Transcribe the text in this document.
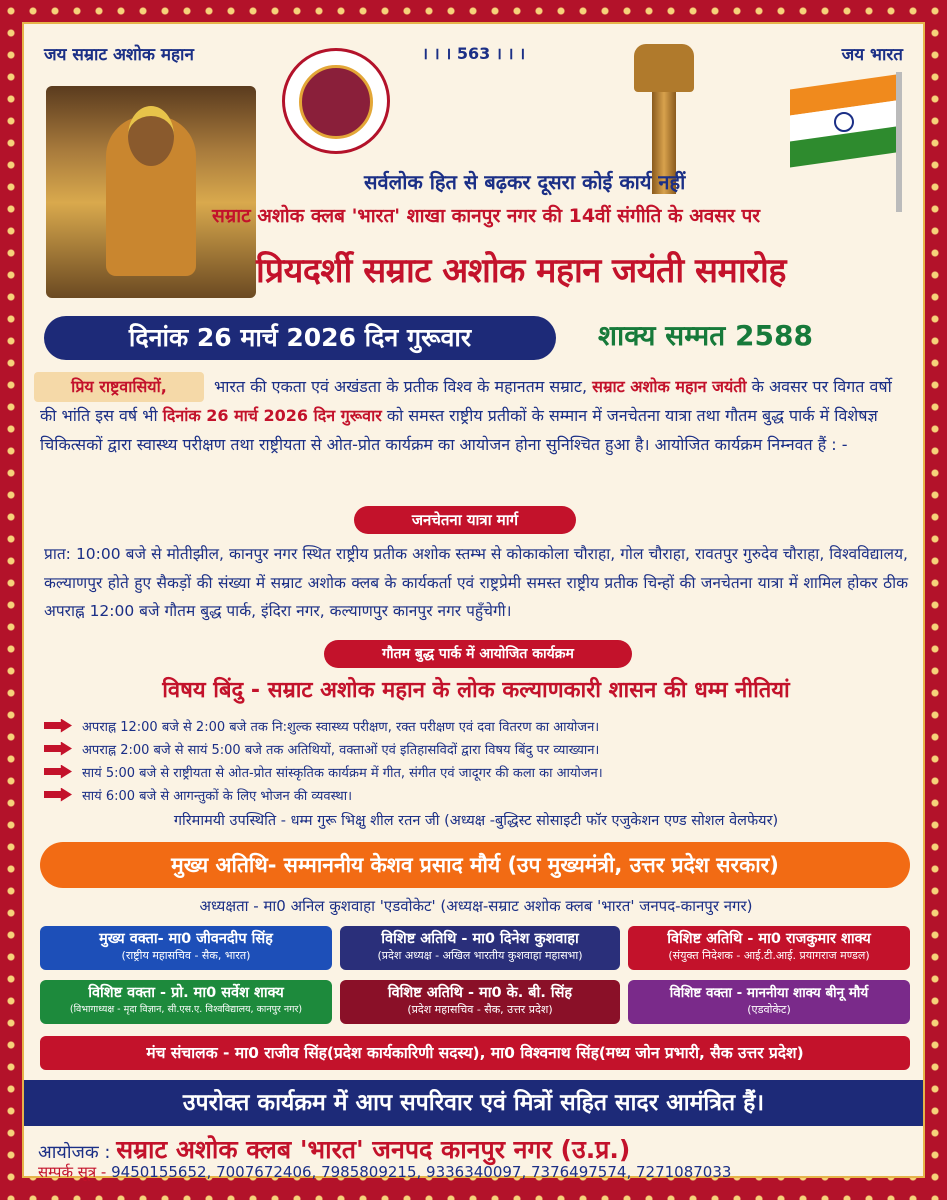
जय सम्राट अशोक महान	। । । 563 । । ।	जय भारत
सर्वलोक हित से बढ़कर दूसरा कोई कार्य नहीं
सम्राट अशोक क्लब 'भारत' शाखा कानपुर नगर की 14वीं संगीति के अवसर पर
प्रियदर्शी सम्राट अशोक महान जयंती समारोह
दिनांक 26 मार्च 2026 दिन गुरूवार	शाक्य सम्मत 2588
भारत की एकता एवं अखंडता के प्रतीक विश्व के महानतम सम्राट, सम्राट अशोक महान जयंती के अवसर पर विगत वर्षो की भांति इस वर्ष भी दिनांक 26 मार्च 2026 दिन गुरूवार को समस्त राष्ट्रीय प्रतीकों के सम्मान में जनचेतना यात्रा तथा गौतम बुद्ध पार्क में विशेषज्ञ चिकित्सकों द्वारा स्वास्थ्य परीक्षण तथा राष्ट्रीयता से ओत-प्रोत कार्यक्रम का आयोजन होना सुनिश्चित हुआ है। आयोजित कार्यक्रम निम्नवत हैं : -
प्रिय राष्ट्रवासियों,
जनचेतना यात्रा मार्ग
प्रात: 10:00 बजे से मोतीझील, कानपुर नगर स्थित राष्ट्रीय प्रतीक अशोक स्तम्भ से कोकाकोला चौराहा, गोल चौराहा, रावतपुर गुरुदेव चौराहा, विश्वविद्यालय, कल्याणपुर होते हुए सैकड़ों की संख्या में सम्राट अशोक क्लब के कार्यकर्ता एवं राष्ट्रप्रेमी समस्त राष्ट्रीय प्रतीक चिन्हों की जनचेतना यात्रा में शामिल होकर ठीक अपराह्न 12:00 बजे गौतम बुद्ध पार्क, इंदिरा नगर, कल्याणपुर कानपुर नगर पहुँचेगी।
गौतम बुद्ध पार्क में आयोजित कार्यक्रम
विषय बिंदु - सम्राट अशोक महान के लोक कल्याणकारी शासन की धम्म नीतियां
अपराह्न 12:00 बजे से 2:00 बजे तक नि:शुल्क स्वास्थ्य परीक्षण, रक्त परीक्षण एवं दवा वितरण का आयोजन।
अपराह्न 2:00 बजे से सायं 5:00 बजे तक अतिथियों, वक्ताओं एवं इतिहासविदों द्वारा विषय बिंदु पर व्याख्यान।
सायं 5:00 बजे से राष्ट्रीयता से ओत-प्रोत सांस्कृतिक कार्यक्रम में गीत, संगीत एवं जादूगर की कला का आयोजन।
सायं 6:00 बजे से आगन्तुकों के लिए भोजन की व्यवस्था।
गरिमामयी उपस्थिति - धम्म गुरू भिक्षु शील रतन जी (अध्यक्ष -बुद्धिस्ट सोसाइटी फॉर एजुकेशन एण्ड सोशल वेलफेयर)
मुख्य अतिथि- सम्माननीय केशव प्रसाद मौर्य (उप मुख्यमंत्री, उत्तर प्रदेश सरकार)
अध्यक्षता - मा0 अनिल कुशवाहा 'एडवोकेट' (अध्यक्ष-सम्राट अशोक क्लब 'भारत' जनपद-कानपुर नगर)
मुख्य वक्ता- मा0 जीवनदीप सिंह
(राष्ट्रीय महासचिव - सैक, भारत)
विशिष्ट अतिथि - मा0 दिनेश कुशवाहा
(प्रदेश अध्यक्ष - अखिल भारतीय कुशवाहा महासभा)
विशिष्ट अतिथि - मा0 राजकुमार शाक्य
(संयुक्त निदेशक - आई.टी.आई. प्रयागराज मण्डल)
विशिष्ट वक्ता - प्रो. मा0 सर्वेश शाक्य
(विभागाध्यक्ष - मृदा विज्ञान, सी.एस.ए. विश्वविद्यालय, कानपुर नगर)
विशिष्ट अतिथि - मा0 के. बी. सिंह
(प्रदेश महासचिव - सैक, उत्तर प्रदेश)
विशिष्ट वक्ता - माननीया शाक्य बीनू मौर्य
(एडवोकेट)
मंच संचालक - मा0 राजीव सिंह(प्रदेश कार्यकारिणी सदस्य), मा0 विश्वनाथ सिंह(मध्य जोन प्रभारी, सैक उत्तर प्रदेश)
उपरोक्त कार्यक्रम में आप सपरिवार एवं मित्रों सहित सादर आमंत्रित हैं।
आयोजक : सम्राट अशोक क्लब 'भारत' जनपद कानपुर नगर (उ.प्र.)
सम्पर्क सूत्र - 9450155652, 7007672406, 7985809215, 9336340097, 7376497574, 7271087033
